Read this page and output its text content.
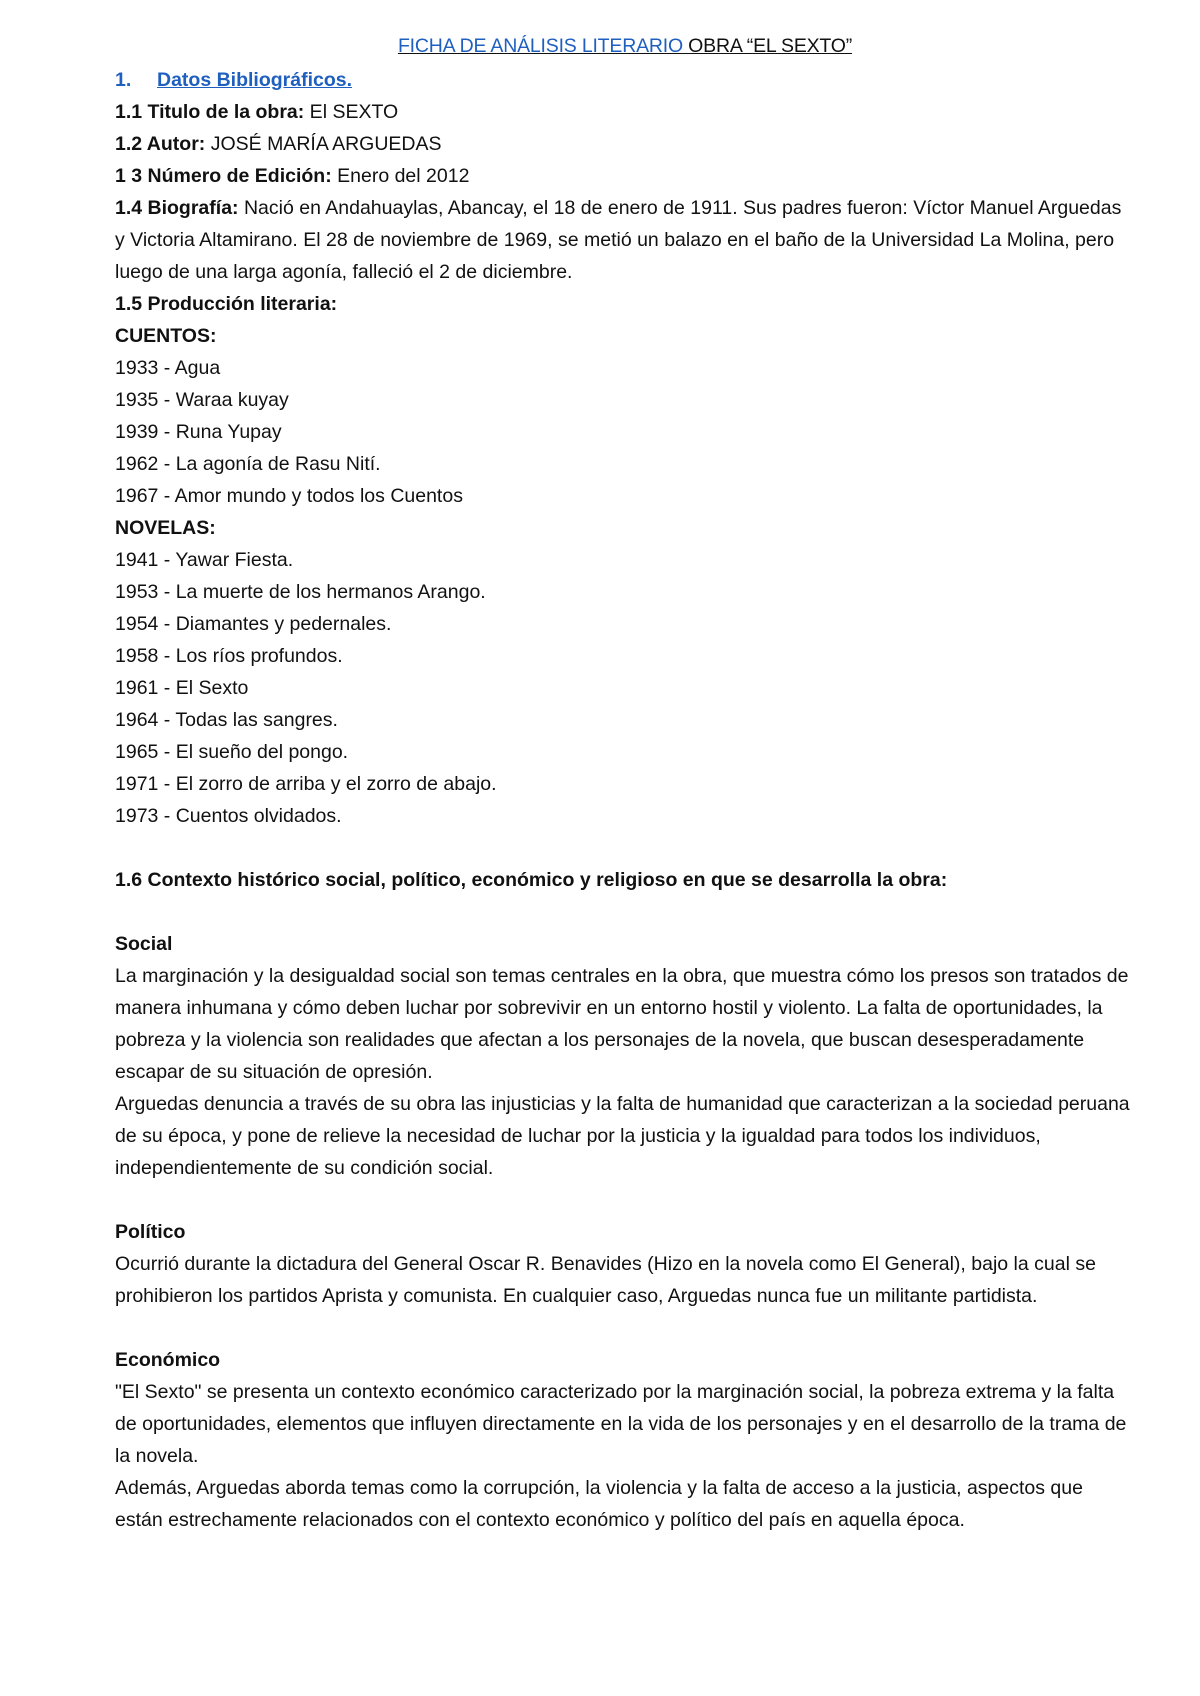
FICHA DE ANÁLISIS LITERARIO OBRA “EL SEXTO”

1. Datos Bibliográficos.

1.1 Titulo de la obra: El SEXTO

1.2 Autor: JOSÉ MARÍA ARGUEDAS

1 3 Número de Edición: Enero del 2012

1.4 Biografía: Nació en Andahuaylas, Abancay, el 18 de enero de 1911. Sus padres fueron: Víctor Manuel Arguedas y Victoria Altamirano. El 28 de noviembre de 1969, se metió un balazo en el baño de la Universidad La Molina, pero luego de una larga agonía, falleció el 2 de diciembre.

1.5 Producción literaria:

CUENTOS:

1933 - Agua

1935 - Waraa kuyay

1939 - Runa Yupay

1962 - La agonía de Rasu Nití.

1967 - Amor mundo y todos los Cuentos

NOVELAS:

1941 - Yawar Fiesta.

1953 - La muerte de los hermanos Arango.

1954 - Diamantes y pedernales.

1958 - Los ríos profundos.

1961 - El Sexto

1964 - Todas las sangres.

1965 - El sueño del pongo.

1971 - El zorro de arriba y el zorro de abajo.

1973 - Cuentos olvidados.

1.6 Contexto histórico social, político, económico y religioso en que se desarrolla la obra:

Social

La marginación y la desigualdad social son temas centrales en la obra, que muestra cómo los presos son tratados de manera inhumana y cómo deben luchar por sobrevivir en un entorno hostil y violento. La falta de oportunidades, la pobreza y la violencia son realidades que afectan a los personajes de la novela, que buscan desesperadamente escapar de su situación de opresión.

Arguedas denuncia a través de su obra las injusticias y la falta de humanidad que caracterizan a la sociedad peruana de su época, y pone de relieve la necesidad de luchar por la justicia y la igualdad para todos los individuos, independientemente de su condición social.

Político

Ocurrió durante la dictadura del General Oscar R. Benavides (Hizo en la novela como El General), bajo la cual se prohibieron los partidos Aprista y comunista. En cualquier caso, Arguedas nunca fue un militante partidista.

Económico

"El Sexto" se presenta un contexto económico caracterizado por la marginación social, la pobreza extrema y la falta de oportunidades, elementos que influyen directamente en la vida de los personajes y en el desarrollo de la trama de la novela.

Además, Arguedas aborda temas como la corrupción, la violencia y la falta de acceso a la justicia, aspectos que están estrechamente relacionados con el contexto económico y político del país en aquella época.
